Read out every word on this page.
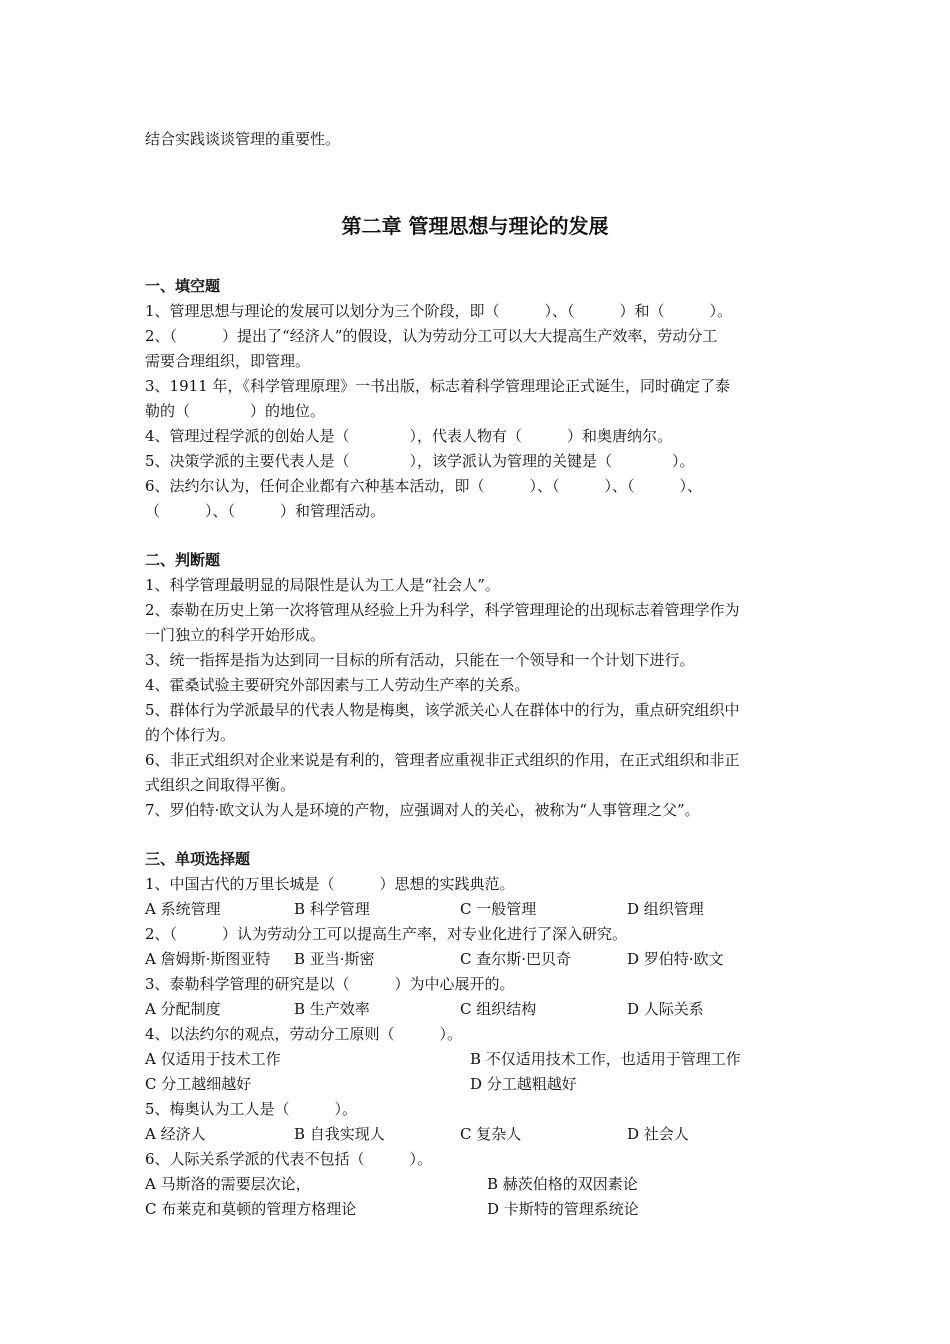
结合实践谈谈管理的重要性。
第二章 管理思想与理论的发展
一、填空题
1、管理思想与理论的发展可以划分为三个阶段，即（　　　）、（　　　）和（　　　）。
2、（　　　）提出了“经济人”的假设，认为劳动分工可以大大提高生产效率，劳动分工
需要合理组织，即管理。
3、1911 年，《科学管理原理》一书出版，标志着科学管理理论正式诞生，同时确定了泰
勒的（　　　　）的地位。
4、管理过程学派的创始人是（　　　　），代表人物有（　　　）和奥唐纳尔。
5、决策学派的主要代表人是（　　　　），该学派认为管理的关键是（　　　　）。
6、法约尔认为，任何企业都有六种基本活动，即（　　　）、（　　　）、（　　　）、
（　　　）、（　　　）和管理活动。
二、判断题
1、科学管理最明显的局限性是认为工人是“社会人”。
2、泰勒在历史上第一次将管理从经验上升为科学，科学管理理论的出现标志着管理学作为
一门独立的科学开始形成。
3、统一指挥是指为达到同一目标的所有活动，只能在一个领导和一个计划下进行。
4、霍桑试验主要研究外部因素与工人劳动生产率的关系。
5、群体行为学派最早的代表人物是梅奥，该学派关心人在群体中的行为，重点研究组织中
的个体行为。
6、非正式组织对企业来说是有利的，管理者应重视非正式组织的作用，在正式组织和非正
式组织之间取得平衡。
7、罗伯特·欧文认为人是环境的产物，应强调对人的关心，被称为“人事管理之父”。
三、单项选择题
1、中国古代的万里长城是（　　　）思想的实践典范。
A 系统管理	B 科学管理	C 一般管理	D 组织管理
2、（　　　）认为劳动分工可以提高生产率，对专业化进行了深入研究。
A 詹姆斯·斯图亚特	B 亚当·斯密	C 查尔斯·巴贝奇	D 罗伯特·欧文
3、泰勒科学管理的研究是以（　　　）为中心展开的。
A 分配制度	B 生产效率	C 组织结构	D 人际关系
4、以法约尔的观点，劳动分工原则（　　　）。
A 仅适用于技术工作	B 不仅适用技术工作，也适用于管理工作
C 分工越细越好	D 分工越粗越好
5、梅奥认为工人是（　　　）。
A 经济人	B 自我实现人	C 复杂人	D 社会人
6、人际关系学派的代表不包括（　　　）。
A 马斯洛的需要层次论，	B 赫茨伯格的双因素论
C 布莱克和莫顿的管理方格理论	D 卡斯特的管理系统论
